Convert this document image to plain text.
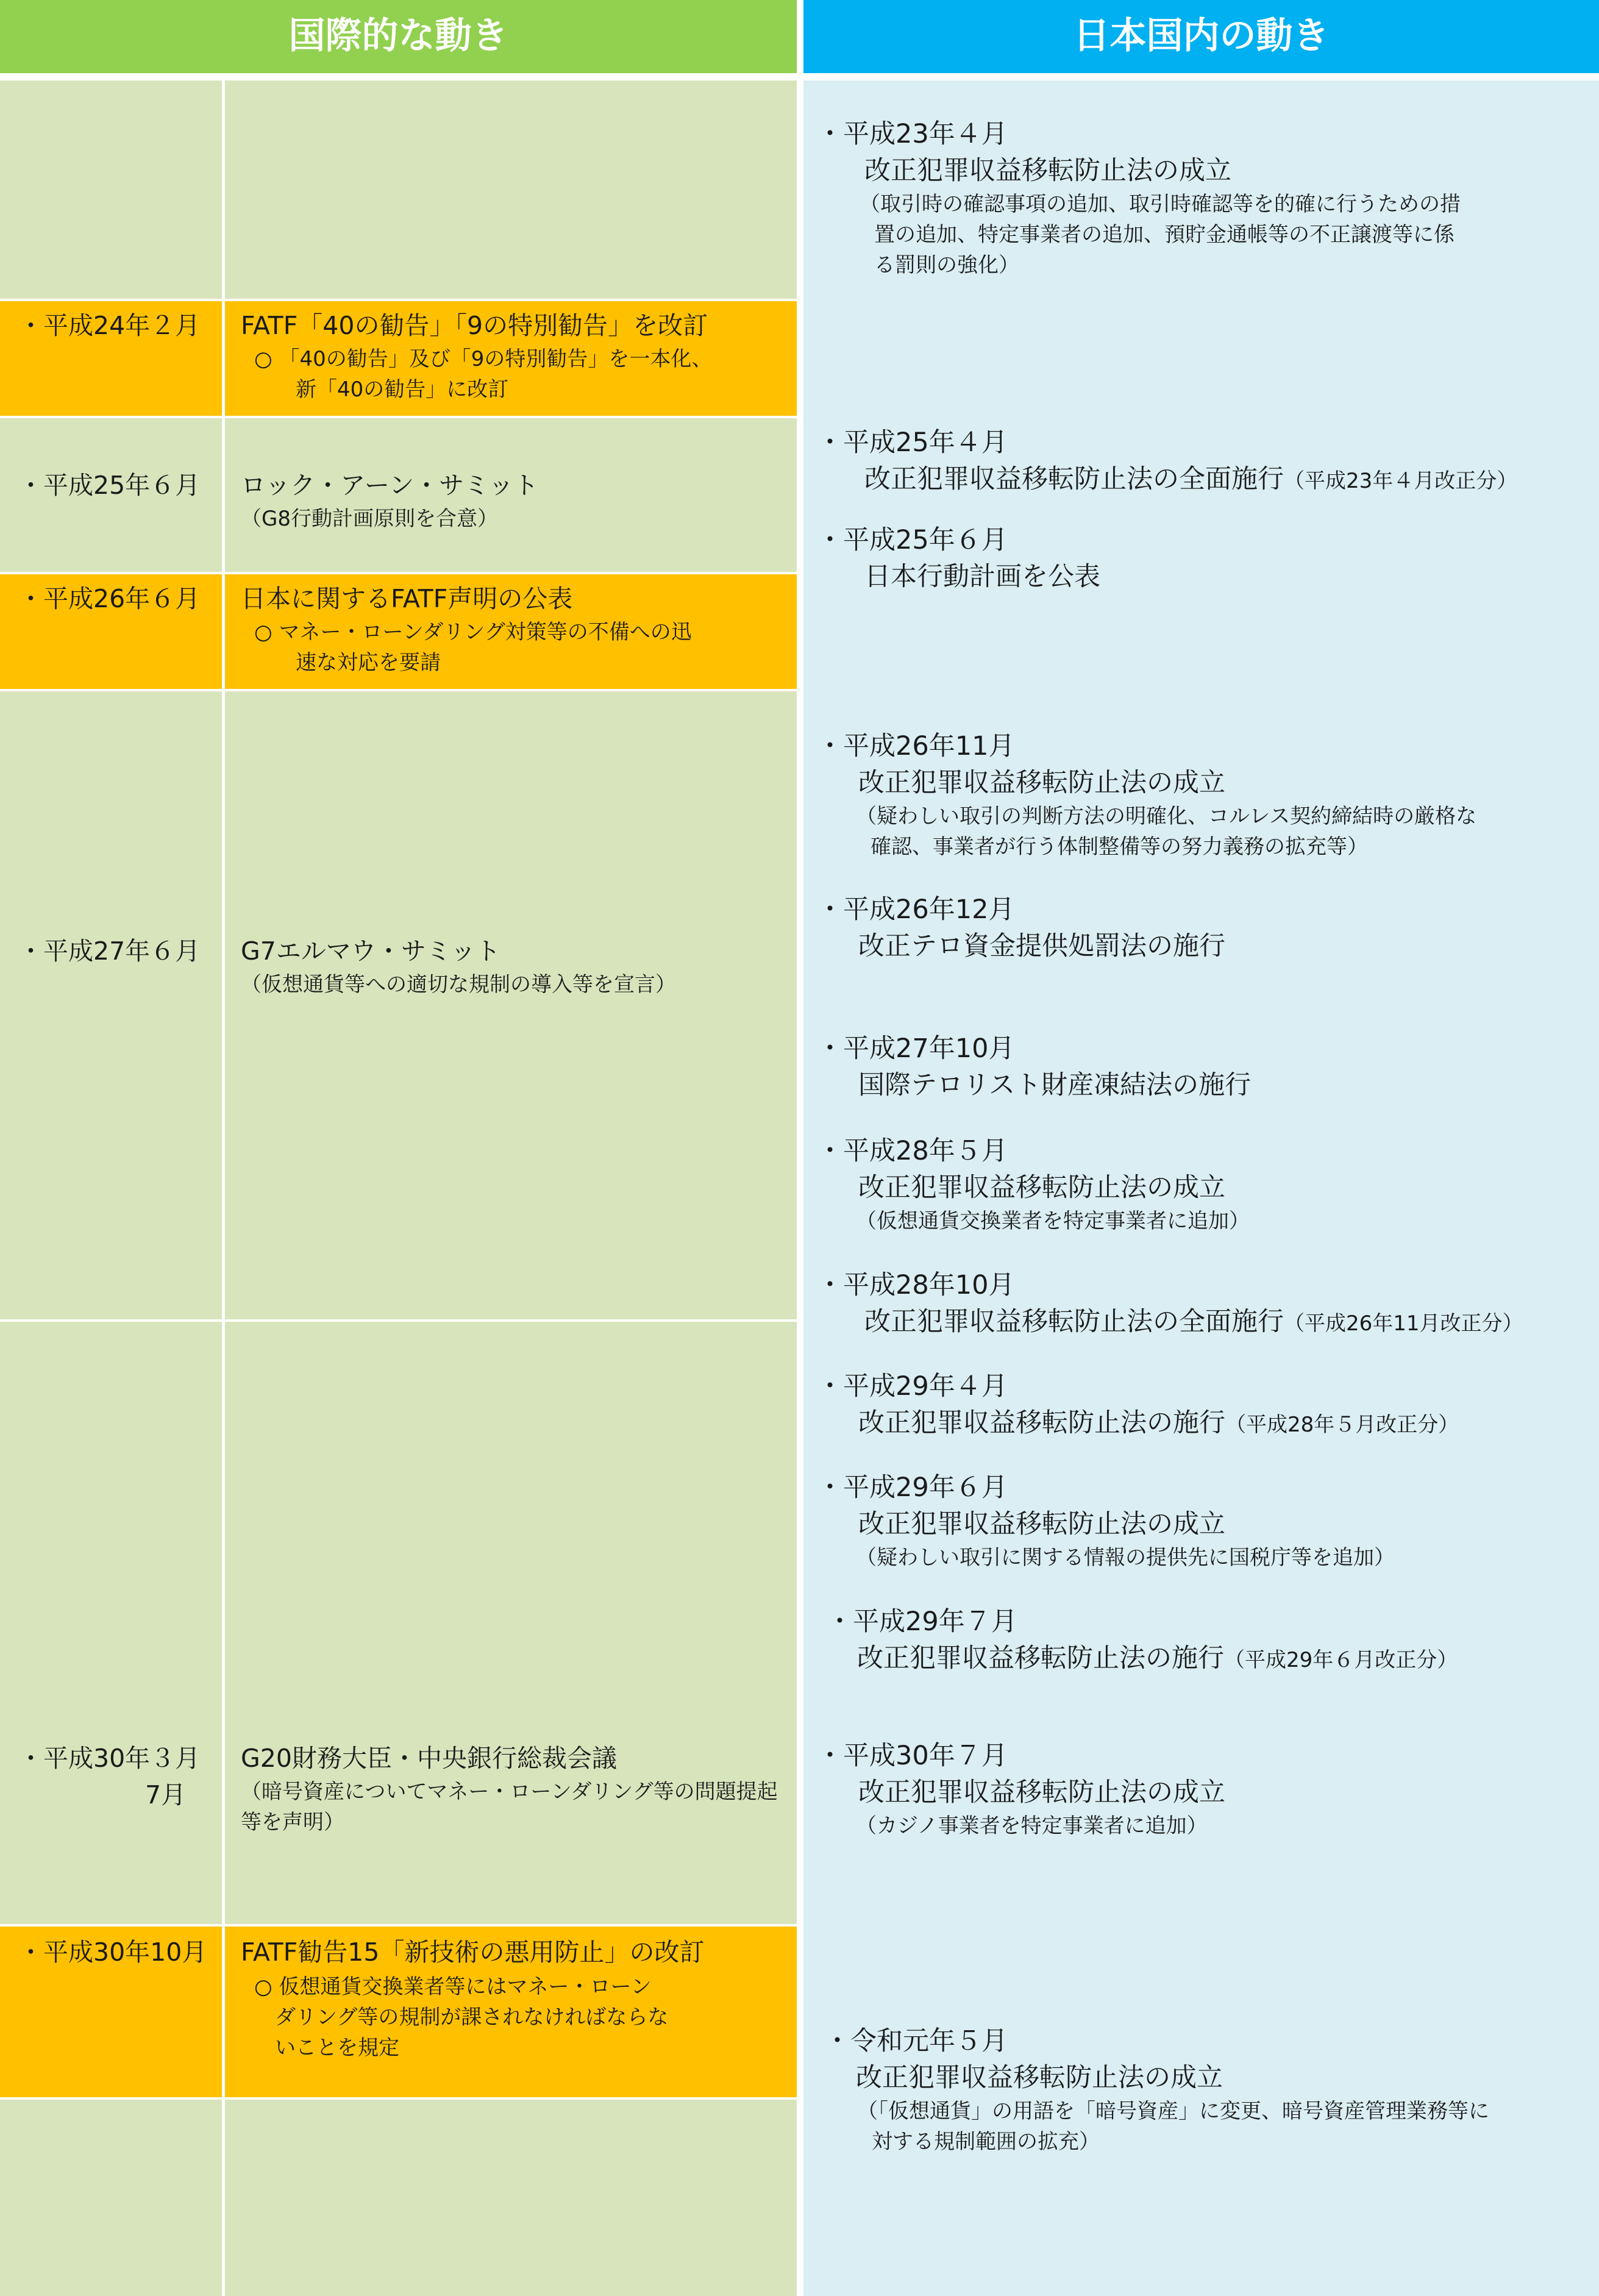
国際的な動き	日本国内の動き
・平成24年２月 FATF「40の勧告」「9の特別勧告」を改訂
○ 「40の勧告」及び「9の特別勧告」を一本化、
　　新「40の勧告」に改訂
・平成25年６月 ロック・アーン・サミット
（G8行動計画原則を合意）
・平成26年６月 日本に関するFATF声明の公表
○ マネー・ローンダリング対策等の不備への迅
　　速な対応を要請
・平成27年６月 G7エルマウ・サミット
（仮想通貨等への適切な規制の導入等を宣言）
・平成30年３月
7月
G20財務大臣・中央銀行総裁会議
（暗号資産についてマネー・ローンダリング等の問題提起
等を声明）
・平成30年10月 FATF勧告15「新技術の悪用防止」の改訂
○ 仮想通貨交換業者等にはマネー・ローン
　ダリング等の規制が課されなければならな
　いことを規定
・平成23年４月
改正犯罪収益移転防止法の成立
（取引時の確認事項の追加、取引時確認等を的確に行うための措
置の追加、特定事業者の追加、預貯金通帳等の不正譲渡等に係
る罰則の強化）
・平成25年４月
改正犯罪収益移転防止法の全面施行（平成23年４月改正分）
・平成25年６月
日本行動計画を公表
・平成26年11月
改正犯罪収益移転防止法の成立
（疑わしい取引の判断方法の明確化、コルレス契約締結時の厳格な
確認、事業者が行う体制整備等の努力義務の拡充等）
・平成26年12月
改正テロ資金提供処罰法の施行
・平成27年10月
国際テロリスト財産凍結法の施行
・平成28年５月
改正犯罪収益移転防止法の成立
（仮想通貨交換業者を特定事業者に追加）
・平成28年10月
改正犯罪収益移転防止法の全面施行（平成26年11月改正分）
・平成29年４月
改正犯罪収益移転防止法の施行（平成28年５月改正分）
・平成29年６月
改正犯罪収益移転防止法の成立
（疑わしい取引に関する情報の提供先に国税庁等を追加）
・平成29年７月
改正犯罪収益移転防止法の施行（平成29年６月改正分）
・平成30年７月
改正犯罪収益移転防止法の成立
（カジノ事業者を特定事業者に追加）
・令和元年５月
改正犯罪収益移転防止法の成立
（「仮想通貨」の用語を「暗号資産」に変更、暗号資産管理業務等に
対する規制範囲の拡充）
